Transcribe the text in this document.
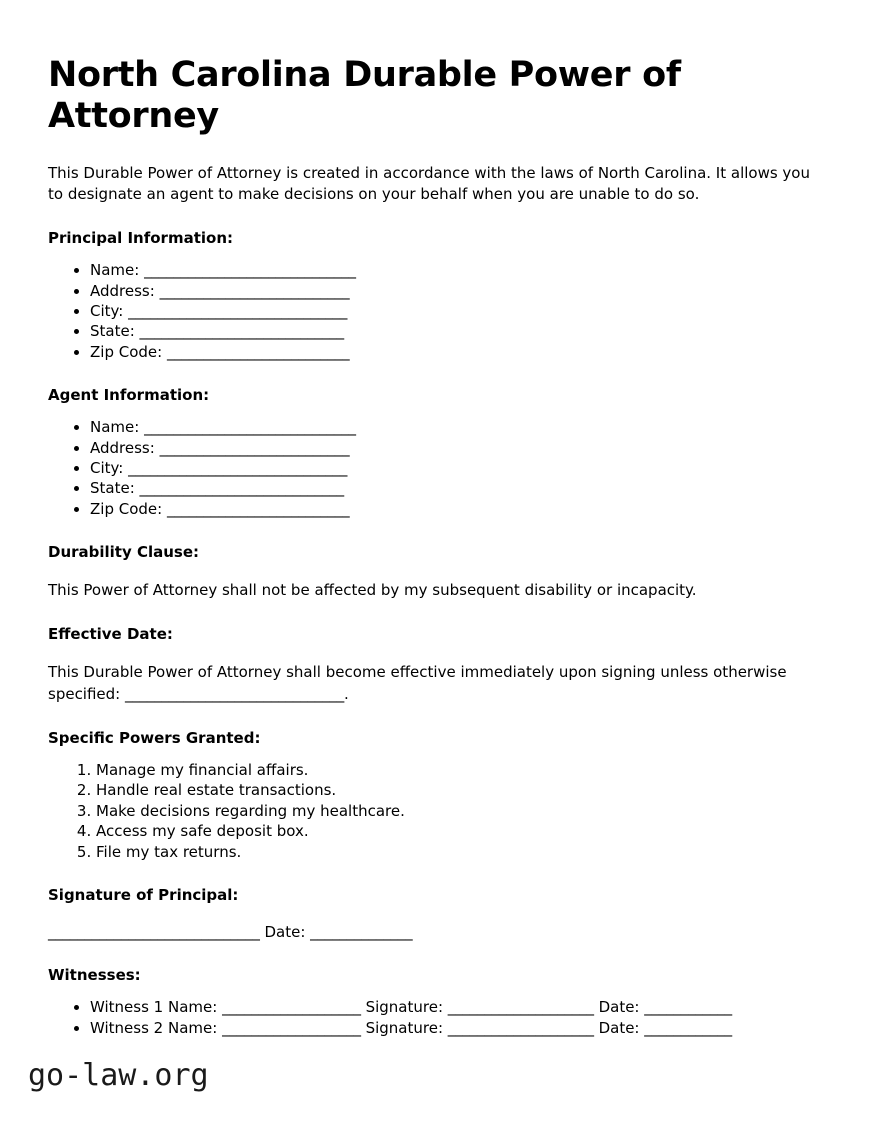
North Carolina Durable Power of Attorney

This Durable Power of Attorney is created in accordance with the laws of North Carolina. It allows you to designate an agent to make decisions on your behalf when you are unable to do so.

Principal Information:
• Name: _____________________________
• Address: __________________________
• City: ______________________________
• State: ____________________________
• Zip Code: _________________________
Agent Information:
• Name: _____________________________
• Address: __________________________
• City: ______________________________
• State: ____________________________
• Zip Code: _________________________
Durability Clause:

This Power of Attorney shall not be affected by my subsequent disability or incapacity.

Effective Date:

This Durable Power of Attorney shall become effective immediately upon signing unless otherwise specified: ______________________________.

Specific Powers Granted:
1. Manage my financial affairs.
2. Handle real estate transactions.
3. Make decisions regarding my healthcare.
4. Access my safe deposit box.
5. File my tax returns.
Signature of Principal:
_____________________________ Date: ______________
Witnesses:
• Witness 1 Name: ___________________ Signature: ____________________ Date: ____________
• Witness 2 Name: ___________________ Signature: ____________________ Date: ____________
go-law.org
